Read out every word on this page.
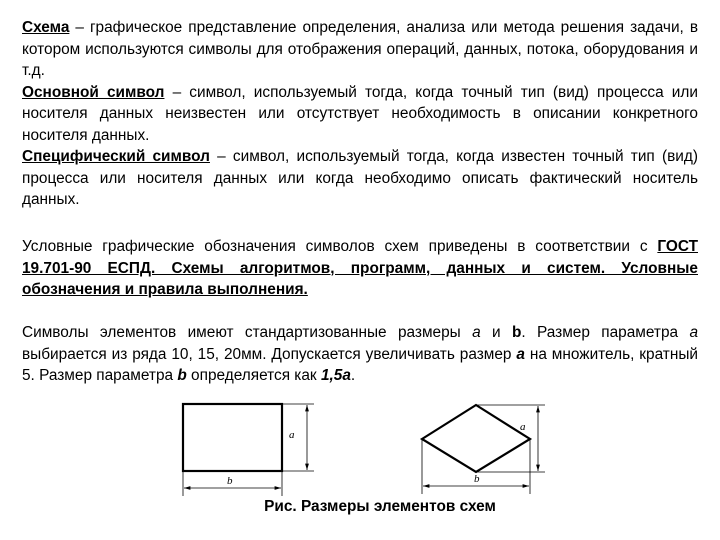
Схема – графическое представление определения, анализа или метода решения задачи, в котором используются символы для отображения операций, данных, потока, оборудования и т.д.
Основной символ – символ, используемый тогда, когда точный тип (вид) процесса или носителя данных неизвестен или отсутствует необходимость в описании конкретного носителя данных.
Специфический символ – символ, используемый тогда, когда известен точный тип (вид) процесса или носителя данных или когда необходимо описать фактический носитель данных.

Условные графические обозначения символов схем приведены в соответствии с ГОСТ 19.701-90 ЕСПД. Схемы алгоритмов, программ, данных и систем. Условные обозначения и правила выполнения.

Символы элементов имеют стандартизованные размеры a и b. Размер параметра a выбирается из ряда 10, 15, 20мм. Допускается увеличивать размер a на множитель, кратный 5. Размер параметра b определяется как 1,5a.

a
b
a
b
Рис. Размеры элементов схем
